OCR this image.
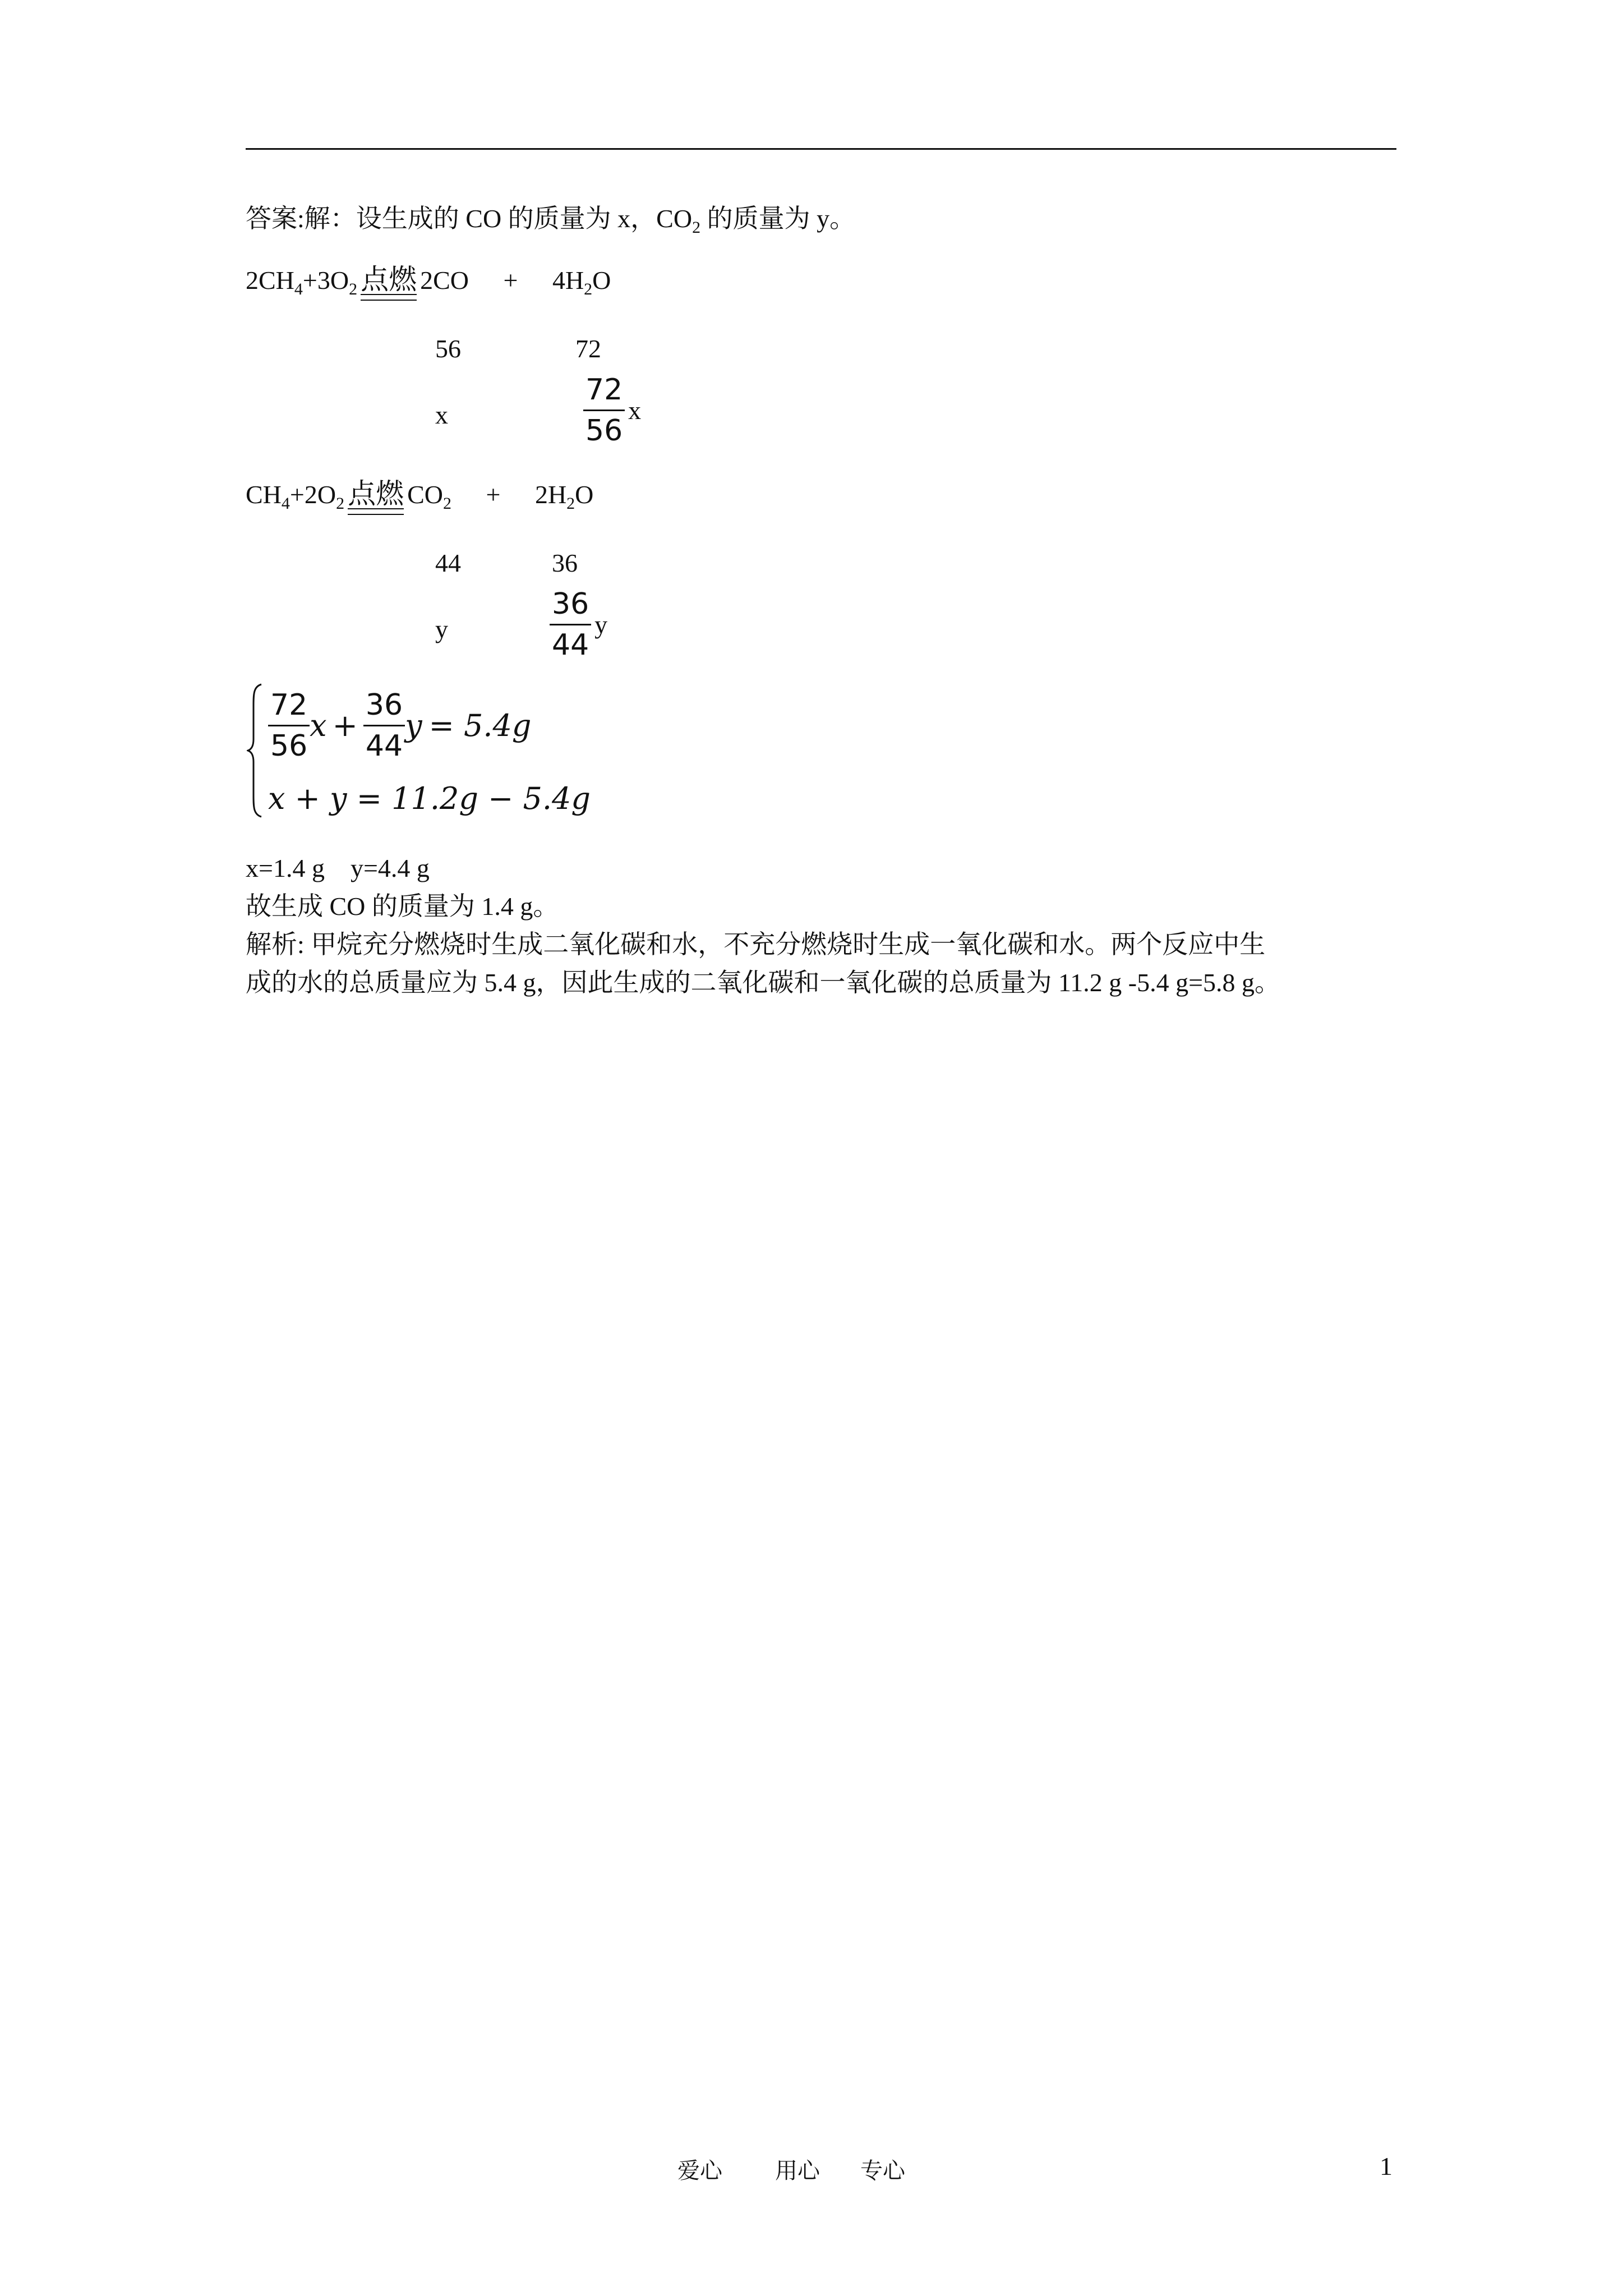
答案:解：设生成的 CO 的质量为 x，$CO_2$ 的质量为 y。
$2CH_4+3O_2$ 点燃 $2CO + 4H_2O$
56	72
x	$\frac{72}{56}$ x
$CH_4+2O_2$ 点燃 $CO_2 + 2H_2O$
44	36
y	$\frac{36}{44}$ y
$\frac{72}{56}$ $x + \frac{36}{44}$ y = 5.4g
x + y = 11.2g − 5.4g
x=1.4 g    y=4.4 g
故生成 CO 的质量为 1.4 g。
解析: 甲烷充分燃烧时生成二氧化碳和水，不充分燃烧时生成一氧化碳和水。两个反应中生
成的水的总质量应为 5.4 g，因此生成的二氧化碳和一氧化碳的总质量为 11.2 g -5.4 g=5.8 g。
爱心 用心 专心	1
